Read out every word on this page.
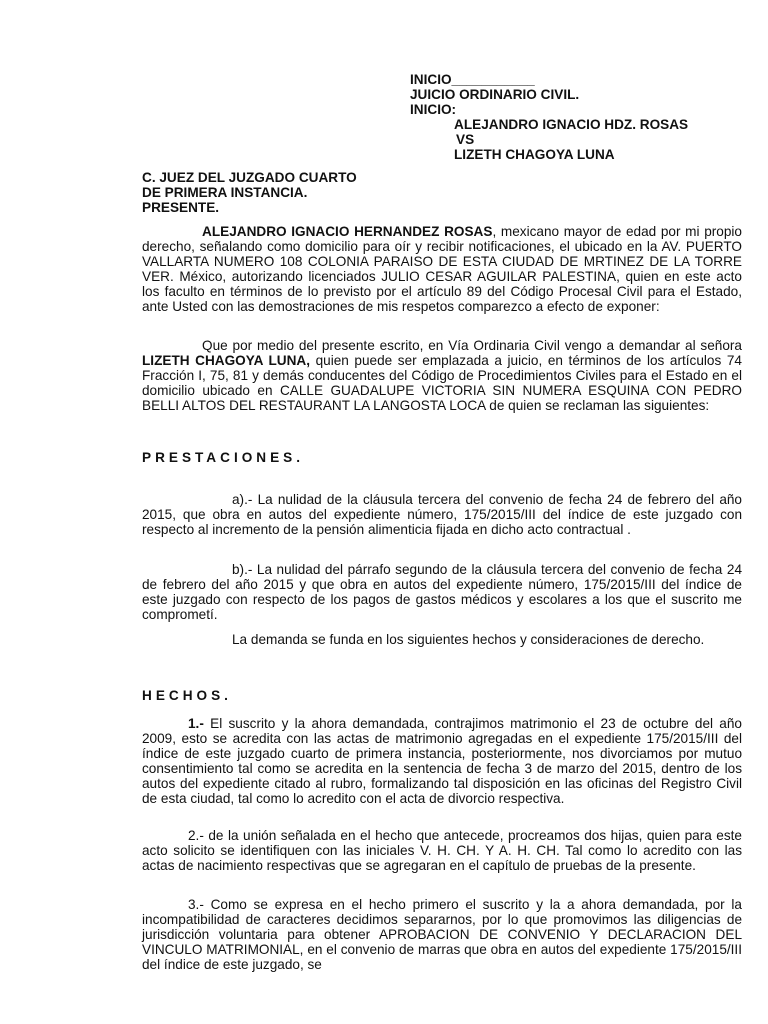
INICIO___________
JUICIO ORDINARIO CIVIL.
INICIO:
ALEJANDRO IGNACIO HDZ. ROSAS
VS
LIZETH CHAGOYA LUNA
C. JUEZ DEL JUZGADO CUARTO
DE PRIMERA INSTANCIA.
PRESENTE.

ALEJANDRO IGNACIO HERNANDEZ ROSAS, mexicano mayor de edad por mi propio derecho, señalando como domicilio para oír y recibir notificaciones, el ubicado en la AV. PUERTO VALLARTA NUMERO 108 COLONIA PARAISO DE ESTA CIUDAD DE MRTINEZ DE LA TORRE VER. México, autorizando licenciados JULIO CESAR AGUILAR PALESTINA, quien en este acto los faculto en términos de lo previsto por el artículo 89 del Código Procesal Civil para el Estado, ante Usted con las demostraciones de mis respetos comparezco a efecto de exponer:

Que por medio del presente escrito, en Vía Ordinaria Civil vengo a demandar al señora LIZETH CHAGOYA LUNA, quien puede ser emplazada a juicio, en términos de los artículos 74 Fracción I, 75, 81 y demás conducentes del Código de Procedimientos Civiles para el Estado en el domicilio ubicado en CALLE GUADALUPE VICTORIA SIN NUMERA ESQUINA CON PEDRO BELLI ALTOS DEL RESTAURANT LA LANGOSTA LOCA de quien se reclaman las siguientes:

PRESTACIONES.

a).- La nulidad de la cláusula tercera del convenio de fecha 24 de febrero del año 2015, que obra en autos del expediente número, 175/2015/III del índice de este juzgado con respecto al incremento de la pensión alimenticia fijada en dicho acto contractual .

b).- La nulidad del párrafo segundo de la cláusula tercera del convenio de fecha 24 de febrero del año 2015 y que obra en autos del expediente número, 175/2015/III del índice de este juzgado con respecto de los pagos de gastos médicos y escolares a los que el suscrito me comprometí.

La demanda se funda en los siguientes hechos y consideraciones de derecho.

HECHOS.

1.- El suscrito y la ahora demandada, contrajimos matrimonio el 23 de octubre del año 2009, esto se acredita con las actas de matrimonio agregadas en el expediente 175/2015/III del índice de este juzgado cuarto de primera instancia, posteriormente, nos divorciamos por mutuo consentimiento tal como se acredita en la sentencia de fecha 3 de marzo del 2015, dentro de los autos del expediente citado al rubro, formalizando tal disposición en las oficinas del Registro Civil de esta ciudad, tal como lo acredito con el acta de divorcio respectiva.

2.- de la unión señalada en el hecho que antecede, procreamos dos hijas, quien para este acto solicito se identifiquen con las iniciales V. H. CH. Y A. H. CH. Tal como lo acredito con las actas de nacimiento respectivas que se agregaran en el capítulo de pruebas de la presente.

3.- Como se expresa en el hecho primero el suscrito y la a ahora demandada, por la incompatibilidad de caracteres decidimos separarnos, por lo que promovimos las diligencias de jurisdicción voluntaria para obtener APROBACION DE CONVENIO Y DECLARACION DEL VINCULO MATRIMONIAL, en el convenio de marras que obra en autos del expediente 175/2015/III del índice de este juzgado, se
